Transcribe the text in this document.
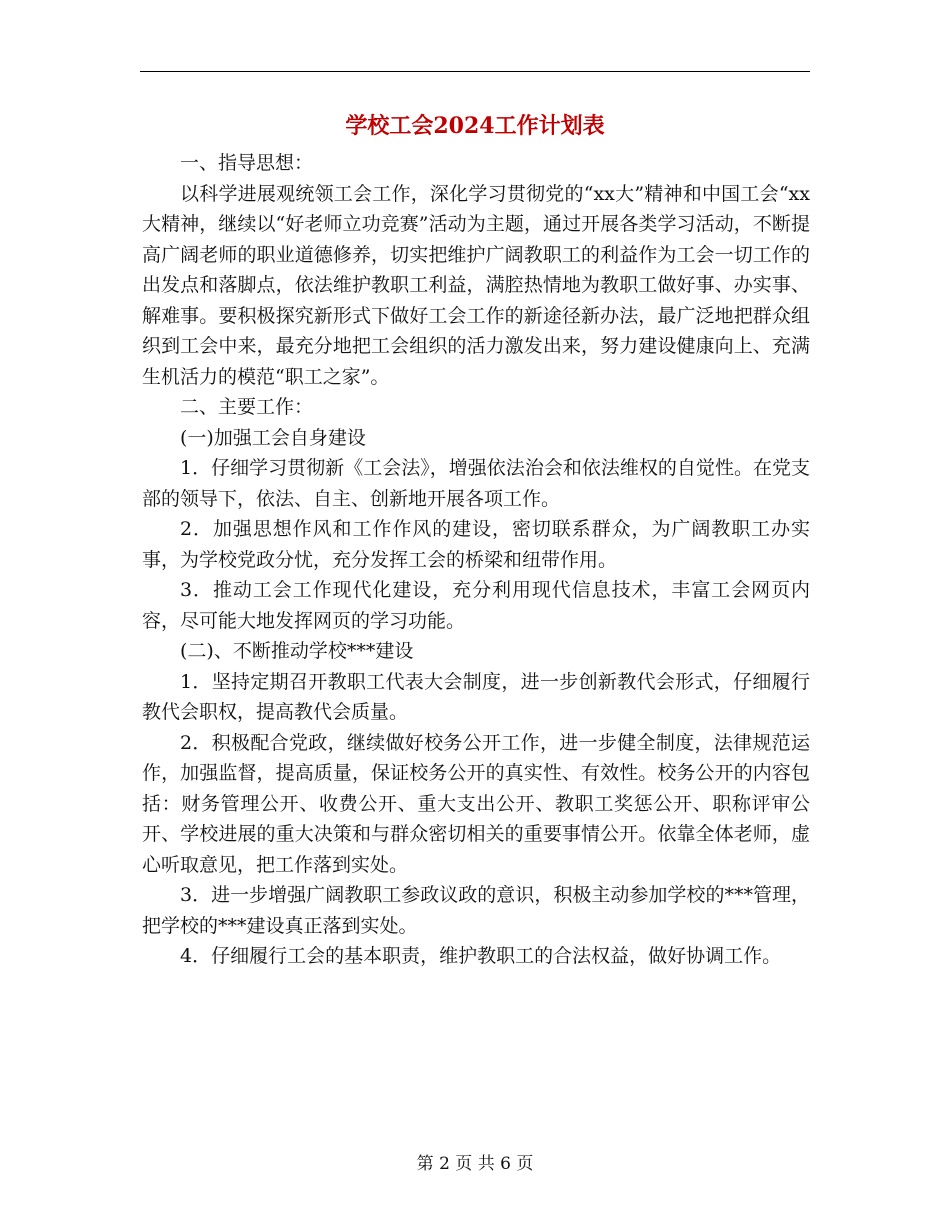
学校工会2024工作计划表

一、指导思想：

以科学进展观统领工会工作，深化学习贯彻党的“xx大”精神和中国工会“xx大精神，继续以“好老师立功竞赛”活动为主题，通过开展各类学习活动，不断提高广阔老师的职业道德修养，切实把维护广阔教职工的利益作为工会一切工作的出发点和落脚点，依法维护教职工利益，满腔热情地为教职工做好事、办实事、解难事。要积极探究新形式下做好工会工作的新途径新办法，最广泛地把群众组织到工会中来，最充分地把工会组织的活力激发出来，努力建设健康向上、充满生机活力的模范“职工之家”。

二、主要工作：

(一)加强工会自身建设

1．仔细学习贯彻新《工会法》，增强依法治会和依法维权的自觉性。在党支部的领导下，依法、自主、创新地开展各项工作。

2．加强思想作风和工作作风的建设，密切联系群众，为广阔教职工办实事，为学校党政分忧，充分发挥工会的桥梁和纽带作用。

3．推动工会工作现代化建设，充分利用现代信息技术，丰富工会网页内容，尽可能大地发挥网页的学习功能。

(二)、不断推动学校***建设

1．坚持定期召开教职工代表大会制度，进一步创新教代会形式，仔细履行教代会职权，提高教代会质量。

2．积极配合党政，继续做好校务公开工作，进一步健全制度，法律规范运作，加强监督，提高质量，保证校务公开的真实性、有效性。校务公开的内容包括：财务管理公开、收费公开、重大支出公开、教职工奖惩公开、职称评审公开、学校进展的重大决策和与群众密切相关的重要事情公开。依靠全体老师，虚心听取意见，把工作落到实处。

3．进一步增强广阔教职工参政议政的意识，积极主动参加学校的***管理，把学校的***建设真正落到实处。

4．仔细履行工会的基本职责，维护教职工的合法权益，做好协调工作。

第 2 页 共 6 页
